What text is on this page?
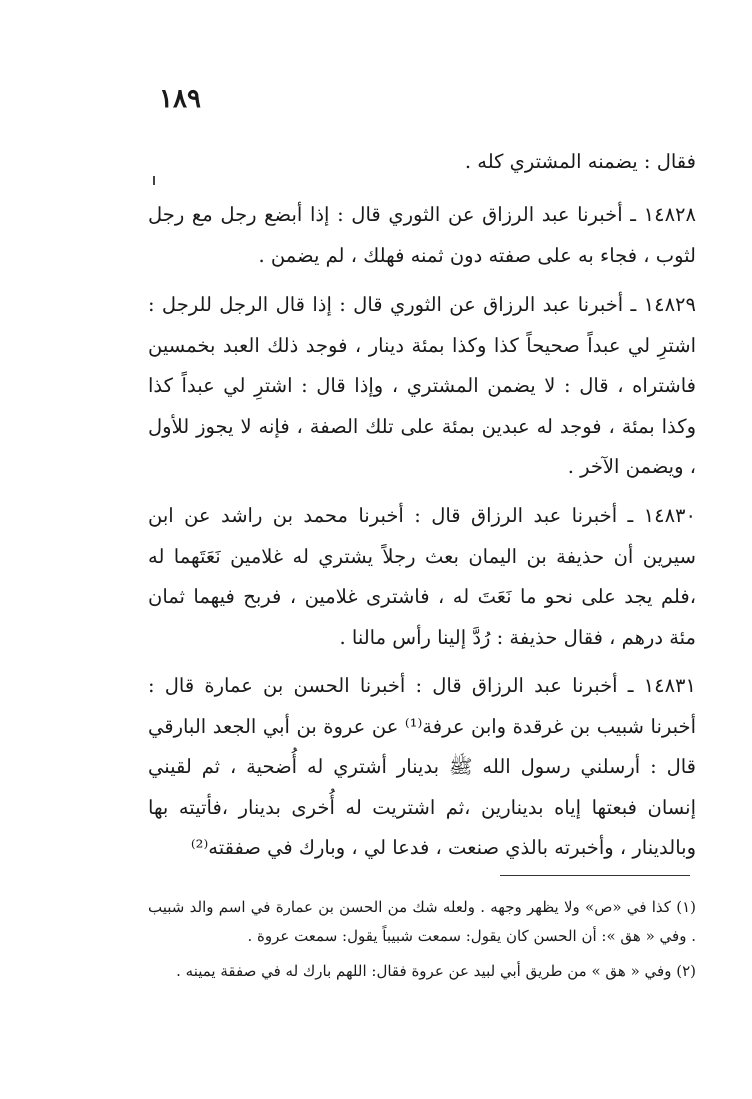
١٨٩

فقال : يضمنه المشتري كله .

١٤٨٢٨ ـ أخبرنا عبد الرزاق عن الثوري قال : إذا أبضع رجل مع رجل لثوب ، فجاء به على صفته دون ثمنه فهلك ، لم يضمن .

١٤٨٢٩ ـ أخبرنا عبد الرزاق عن الثوري قال : إذا قال الرجل للرجل : اشترِ لي عبداً صحيحاً كذا وكذا بمئة دينار ، فوجد ذلك العبد بخمسين فاشتراه ، قال : لا يضمن المشتري ، وإذا قال : اشترِ لي عبداً كذا وكذا بمئة ، فوجد له عبدين بمئة على تلك الصفة ، فإنه لا يجوز للأول ، ويضمن الآخر .

١٤٨٣٠ ـ أخبرنا عبد الرزاق قال : أخبرنا محمد بن راشد عن ابن سيرين أن حذيفة بن اليمان بعث رجلاً يشتري له غلامين نَعَتَهما له ،فلم يجد على نحو ما نَعَتَ له ، فاشترى غلامين ، فربح فيهما ثمان مئة درهم ، فقال حذيفة : رُدَّ إلينا رأس مالنا .

١٤٨٣١ ـ أخبرنا عبد الرزاق قال : أخبرنا الحسن بن عمارة قال : أخبرنا شبيب بن غرقدة وابن عرفة⁽¹⁾ عن عروة بن أبي الجعد البارقي قال : أرسلني رسول الله ﷺ بدينار أشتري له أُضحية ، ثم لقيني إنسان فبعتها إياه بدينارين ،ثم اشتريت له أُخرى بدينار ،فأتيته بها وبالدينار ، وأخبرته بالذي صنعت ، فدعا لي ، وبارك في صفقته⁽²⁾

(١) كذا في «ص» ولا يظهر وجهه . ولعله شك من الحسن بن عمارة في اسم والد شبيب . وفي « هق »: أن الحسن كان يقول: سمعت شبيباً يقول: سمعت عروة .

(٢) وفي « هق » من طريق أبي لبيد عن عروة فقال: اللهم بارك له في صفقة يمينه .
